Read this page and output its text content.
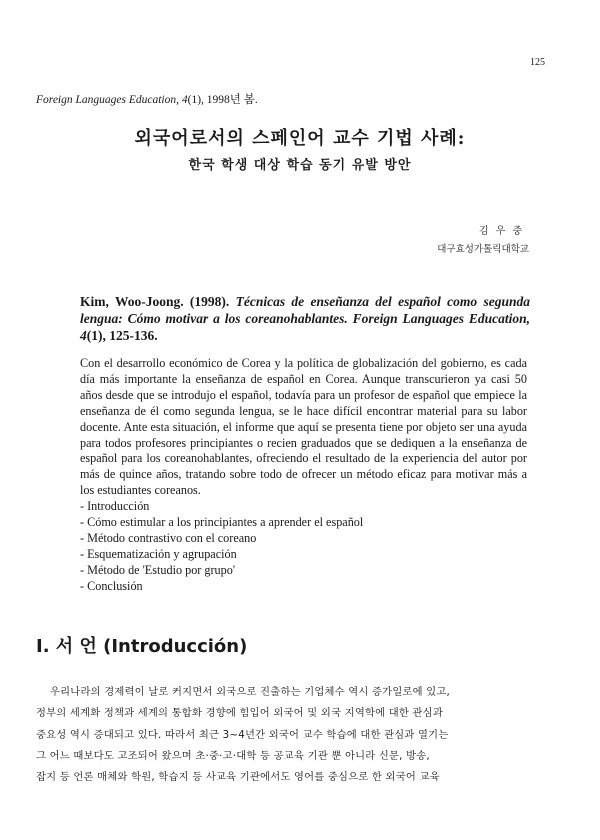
125
Foreign Languages Education, 4(1), 1998년 봄.
외국어로서의 스페인어 교수 기법 사례:
한국 학생 대상 학습 동기 유발 방안
김우중
대구효성가톨릭대학교
Kim, Woo-Joong. (1998). Técnicas de enseñanza del español como segunda lengua: Cómo motivar a los coreanohablantes. Foreign Languages Education, 4(1), 125-136.

Con el desarrollo económico de Corea y la política de globalización del gobierno, es cada día más importante la enseñanza de español en Corea. Aunque transcurieron ya casi 50 años desde que se introdujo el español, todavía para un profesor de español que empiece la enseñanza de él como segunda lengua, se le hace difícil encontrar material para su labor docente. Ante esta situación, el informe que aquí se presenta tiene por objeto ser una ayuda para todos profesores principiantes o recien graduados que se dediquen a la enseñanza de español para los coreanohablantes, ofreciendo el resultado de la experiencia del autor por más de quince años, tratando sobre todo de ofrecer un método eficaz para motivar más a los estudiantes coreanos.

- Introducción
- Cómo estimular a los principiantes a aprender el español
- Método contrastivo con el coreano
- Esquematización y agrupación
- Método de 'Estudio por grupo'
- Conclusión
I. 서 언 (Introducción)
우리나라의 경제력이 날로 커지면서 외국으로 진출하는 기업체수 역시 증가일로에 있고,
정부의 세계화 정책과 세계의 통합화 경향에 힘입어 외국어 및 외국 지역학에 대한 관심과
중요성 역시 증대되고 있다. 따라서 최근 3~4년간 외국어 교수 학습에 대한 관심과 열기는
그 어느 때보다도 고조되어 왔으며 초·중·고·대학 등 공교육 기관 뿐 아니라 신문, 방송,
잡지 등 언론 매체와 학원, 학습지 등 사교육 기관에서도 영어를 중심으로 한 외국어 교육
